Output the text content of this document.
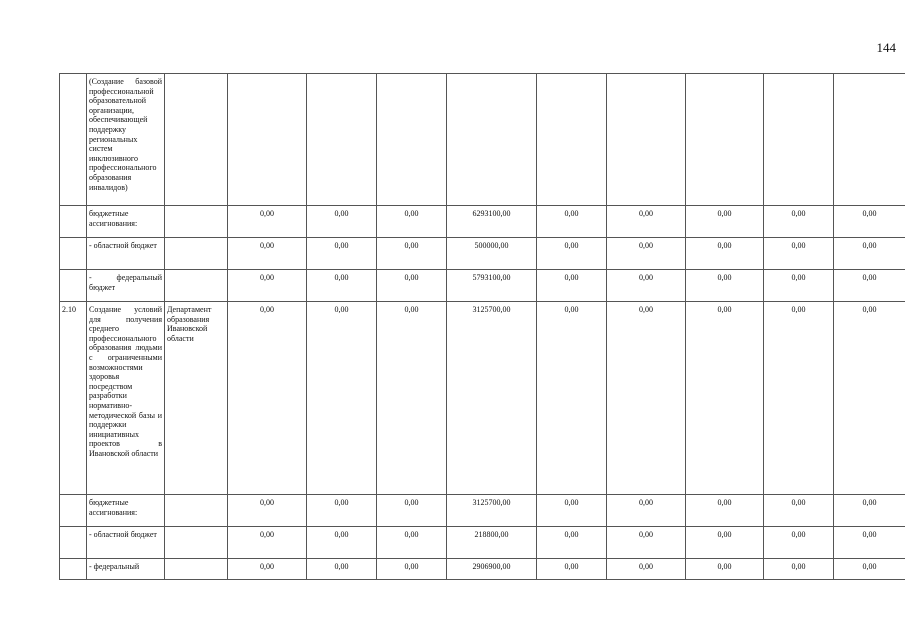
144
	(Создание базовой профессиональной образовательной организации, обеспечивающей поддержку региональных систем инклюзивного профессионального образования инвалидов)										
	бюджетные ассигнования:		0,00	0,00	0,00	6293100,00	0,00	0,00	0,00	0,00	0,00
	- областной бюджет		0,00	0,00	0,00	500000,00	0,00	0,00	0,00	0,00	0,00
	- федеральный бюджет		0,00	0,00	0,00	5793100,00	0,00	0,00	0,00	0,00	0,00
2.10	Создание условий для получения среднего профессионального образования людьми с ограниченными возможностями здоровья посредством разработки нормативно-методической базы и поддержки инициативных проектов в Ивановской области	Департамент образования Ивановской области	0,00	0,00	0,00	3125700,00	0,00	0,00	0,00	0,00	0,00
	бюджетные ассигнования:		0,00	0,00	0,00	3125700,00	0,00	0,00	0,00	0,00	0,00
	- областной бюджет		0,00	0,00	0,00	218800,00	0,00	0,00	0,00	0,00	0,00
	- федеральный		0,00	0,00	0,00	2906900,00	0,00	0,00	0,00	0,00	0,00
